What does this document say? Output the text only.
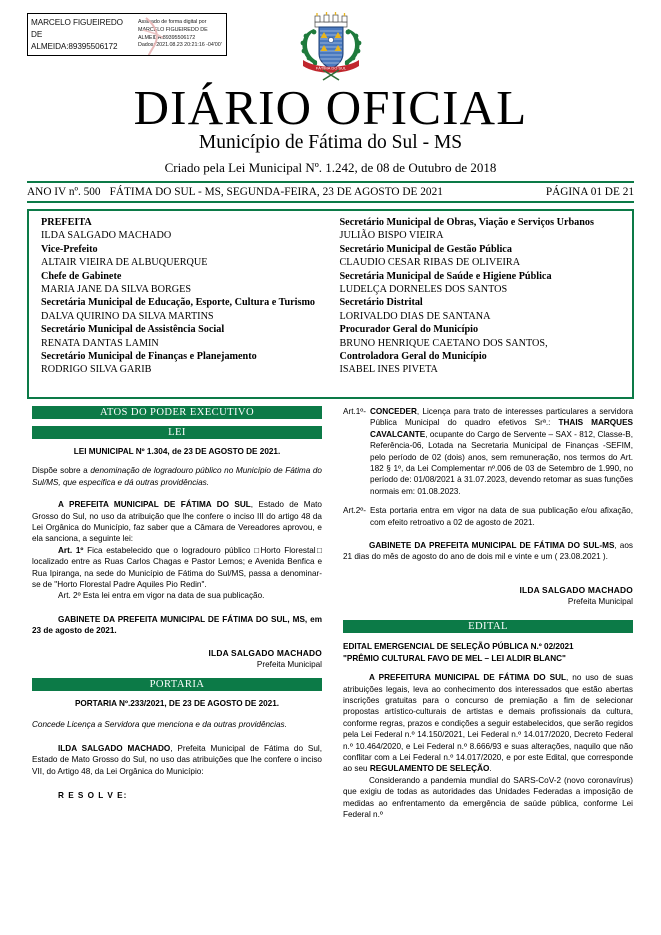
MARCELO FIGUEIREDO
DE
ALMEIDA:89395506172
Assinado de forma digital por
MARCELO FIGUEIREDO DE
ALMEIDA:89395506172
Dados: 2021.08.23 20:21:16 -04'00'
FÁTIMA DO SUL
DIÁRIO OFICIAL
Município de Fátima do Sul - MS
Criado pela Lei Municipal Nº. 1.242, de 08 de Outubro de 2018
ANO IV nº. 500 FÁTIMA DO SUL - MS, SEGUNDA-FEIRA, 23 DE AGOSTO DE 2021	PÁGINA 01 DE 21
PREFEITA
ILDA SALGADO MACHADO
Vice-Prefeito
ALTAIR VIEIRA DE ALBUQUERQUE
Chefe de Gabinete
MARIA JANE DA SILVA BORGES
Secretária Municipal de Educação, Esporte, Cultura e Turismo
DALVA QUIRINO DA SILVA MARTINS
Secretário Municipal de Assistência Social
RENATA DANTAS LAMIN
Secretário Municipal de Finanças e Planejamento
RODRIGO SILVA GARIB
Secretário Municipal de Obras, Viação e Serviços Urbanos
JULIÃO BISPO VIEIRA
Secretário Municipal de Gestão Pública
CLAUDIO CESAR RIBAS DE OLIVEIRA
Secretária Municipal de Saúde e Higiene Pública
LUDELÇA DORNELES DOS SANTOS
Secretário Distrital
LORIVALDO DIAS DE SANTANA
Procurador Geral do Município
BRUNO HENRIQUE CAETANO DOS SANTOS,
Controladora Geral do Município
ISABEL INES PIVETA
ATOS DO PODER EXECUTIVO
LEI

LEI MUNICIPAL Nº 1.304, de 23 DE AGOSTO DE 2021.

Dispõe sobre a denominação de logradouro público no Município de Fátima do Sul/MS, que especifica e dá outras providências.

A PREFEITA MUNICIPAL DE FÁTIMA DO SUL, Estado de Mato Grosso do Sul, no uso da atribuição que lhe confere o inciso III do artigo 48 da Lei Orgânica do Município, faz saber que a Câmara de Vereadores aprovou, e ela sanciona, a seguinte lei:

Art. 1º Fica estabelecido que o logradouro público □Horto Florestal□ localizado entre as Ruas Carlos Chagas e Pastor Lemos; e Avenida Benfica e Rua Ipiranga, na sede do Município de Fátima do Sul/MS, passa a denominar-se de "Horto Florestal Padre Aquiles Pio Redin".

Art. 2º Esta lei entra em vigor na data de sua publicação.

GABINETE DA PREFEITA MUNICIPAL DE FÁTIMA DO SUL, MS, em 23 de agosto de 2021.

ILDA SALGADO MACHADO
Prefeita Municipal
PORTARIA

PORTARIA Nº.233/2021, DE 23 DE AGOSTO DE 2021.

Concede Licença a Servidora que menciona e da outras providências.

ILDA SALGADO MACHADO, Prefeita Municipal de Fátima do Sul, Estado de Mato Grosso do Sul, no uso das atribuições que lhe confere o inciso VII, do Artigo 48, da Lei Orgânica do Município:

R E S O L V E:

Art.1º- CONCEDER, Licença para trato de interesses particulares a servidora Pública Municipal do quadro efetivos Srª.: THAIS MARQUES CAVALCANTE, ocupante do Cargo de Servente – SAX - 812, Classe-B, Referência-06, Lotada na Secretaria Municipal de Finanças -SEFIM, pelo período de 02 (dois) anos, sem remuneração, nos termos do Art. 182 § 1º, da Lei Complementar nº.006 de 03 de Setembro de 1.990, no período de: 01/08/2021 à 31.07.2023, devendo retomar as suas funções normais em: 01.08.2023.
Art.2º- Esta portaria entra em vigor na data de sua publicação e/ou afixação, com efeito retroativo a 02 de agosto de 2021.

GABINETE DA PREFEITA MUNICIPAL DE FÁTIMA DO SUL-MS, aos 21 dias do mês de agosto do ano de dois mil e vinte e um ( 23.08.2021 ).

ILDA SALGADO MACHADO
Prefeita Municipal
EDITAL

EDITAL EMERGENCIAL DE SELEÇÃO PÚBLICA N.º 02/2021

"PRÊMIO CULTURAL FAVO DE MEL – LEI ALDIR BLANC"

A PREFEITURA MUNICIPAL DE FÁTIMA DO SUL, no uso de suas atribuições legais, leva ao conhecimento dos interessados que estão abertas inscrições gratuitas para o concurso de premiação a fim de selecionar propostas artístico-culturais de artistas e demais profissionais da cultura, conforme regras, prazos e condições a seguir estabelecidos, que serão regidos pela Lei Federal n.º 14.150/2021, Lei Federal n.º 14.017/2020, Decreto Federal n.º 10.464/2020, e Lei Federal n.º 8.666/93 e suas alterações, naquilo que não conflitar com a Lei Federal n.º 14.017/2020, e por este Edital, que corresponde ao seu REGULAMENTO DE SELEÇÃO.

Considerando a pandemia mundial do SARS-CoV-2 (novo coronavírus) que exigiu de todas as autoridades das Unidades Federadas a imposição de medidas ao enfrentamento da emergência de saúde pública, conforme Lei Federal n.º
